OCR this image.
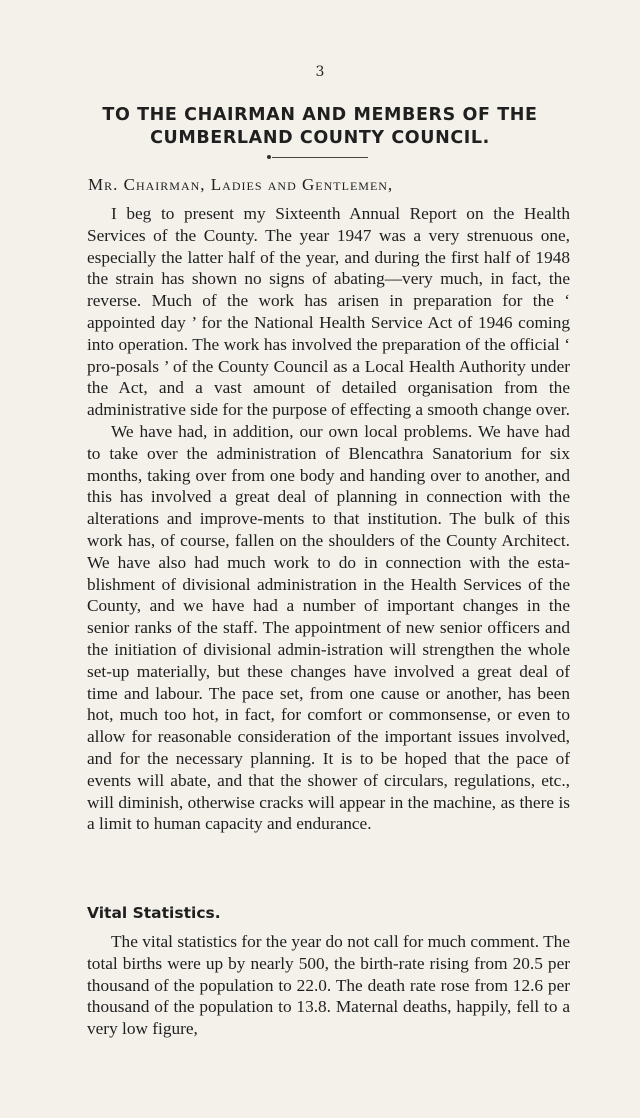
3
TO THE CHAIRMAN AND MEMBERS OF THE CUMBERLAND COUNTY COUNCIL.
Mr. Chairman, Ladies and Gentlemen,

I beg to present my Sixteenth Annual Report on the Health Services of the County. The year 1947 was a very strenuous one, especially the latter half of the year, and during the first half of 1948 the strain has shown no signs of abating—very much, in fact, the reverse. Much of the work has arisen in preparation for the ‘ appointed day ’ for the National Health Service Act of 1946 coming into operation. The work has involved the preparation of the official ‘ pro-posals ’ of the County Council as a Local Health Authority under the Act, and a vast amount of detailed organisation from the administrative side for the purpose of effecting a smooth change over.

We have had, in addition, our own local problems. We have had to take over the administration of Blencathra Sanatorium for six months, taking over from one body and handing over to another, and this has involved a great deal of planning in connection with the alterations and improve-ments to that institution. The bulk of this work has, of course, fallen on the shoulders of the County Architect. We have also had much work to do in connection with the esta-blishment of divisional administration in the Health Services of the County, and we have had a number of important changes in the senior ranks of the staff. The appointment of new senior officers and the initiation of divisional admin-istration will strengthen the whole set-up materially, but these changes have involved a great deal of time and labour. The pace set, from one cause or another, has been hot, much too hot, in fact, for comfort or commonsense, or even to allow for reasonable consideration of the important issues involved, and for the necessary planning. It is to be hoped that the pace of events will abate, and that the shower of circulars, regulations, etc., will diminish, otherwise cracks will appear in the machine, as there is a limit to human capacity and endurance.

Vital Statistics.

The vital statistics for the year do not call for much comment. The total births were up by nearly 500, the birth-rate rising from 20.5 per thousand of the population to 22.0. The death rate rose from 12.6 per thousand of the population to 13.8. Maternal deaths, happily, fell to a very low figure,
